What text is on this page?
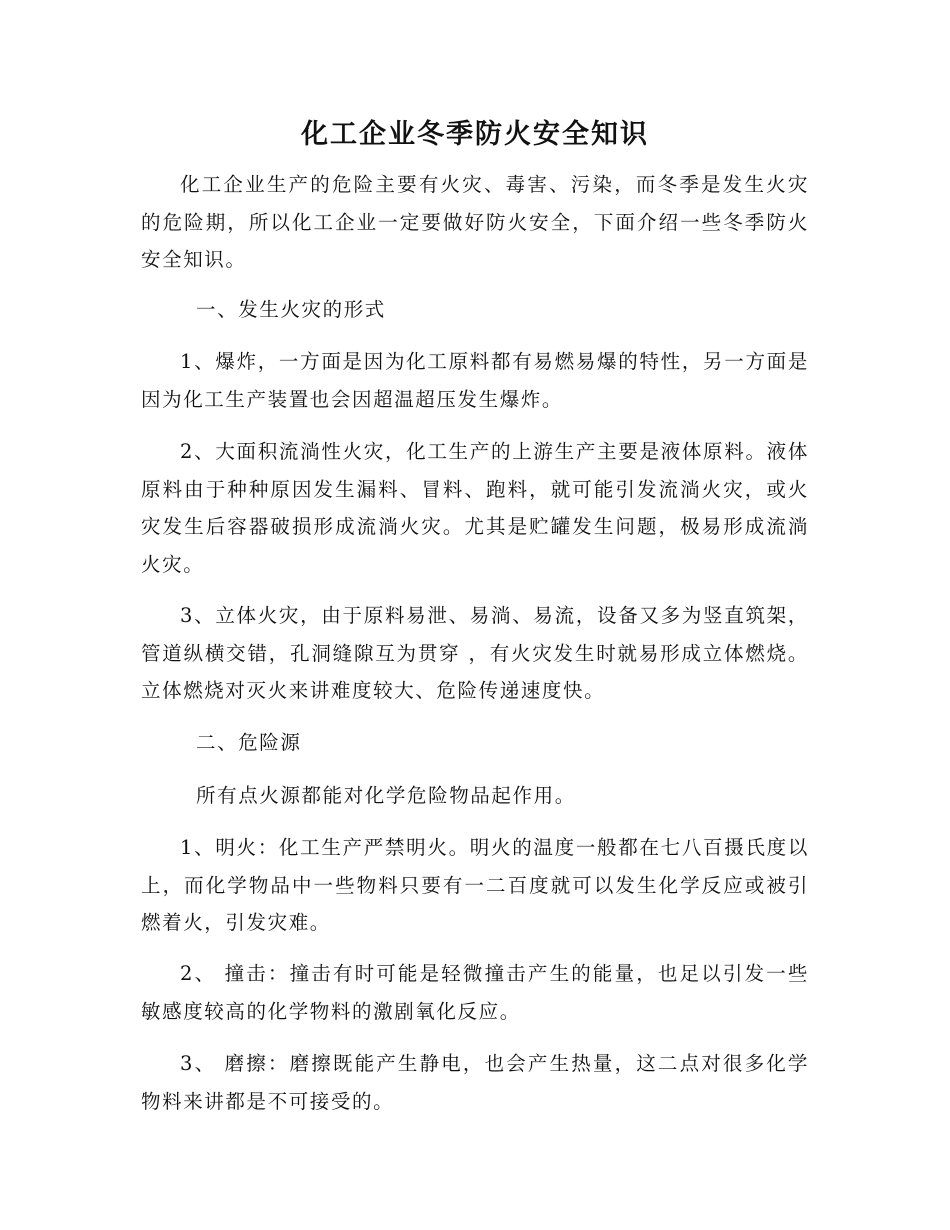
化工企业冬季防火安全知识

化工企业生产的危险主要有火灾、毒害、污染，而冬季是发生火灾的危险期，所以化工企业一定要做好防火安全，下面介绍一些冬季防火安全知识。

一、发生火灾的形式

1、爆炸，一方面是因为化工原料都有易燃易爆的特性，另一方面是因为化工生产装置也会因超温超压发生爆炸。

2、大面积流淌性火灾，化工生产的上游生产主要是液体原料。液体原料由于种种原因发生漏料、冒料、跑料，就可能引发流淌火灾，或火灾发生后容器破损形成流淌火灾。尤其是贮罐发生问题，极易形成流淌火灾。

3、立体火灾，由于原料易泄、易淌、易流，设备又多为竖直筑架，管道纵横交错，孔洞缝隙互为贯穿 ，有火灾发生时就易形成立体燃烧。立体燃烧对灭火来讲难度较大、危险传递速度快。

二、危险源

所有点火源都能对化学危险物品起作用。

1、明火：化工生产严禁明火。明火的温度一般都在七八百摄氏度以上，而化学物品中一些物料只要有一二百度就可以发生化学反应或被引燃着火，引发灾难。

2、 撞击：撞击有时可能是轻微撞击产生的能量，也足以引发一些敏感度较高的化学物料的激剧氧化反应。

3、 磨擦：磨擦既能产生静电，也会产生热量，这二点对很多化学物料来讲都是不可接受的。
